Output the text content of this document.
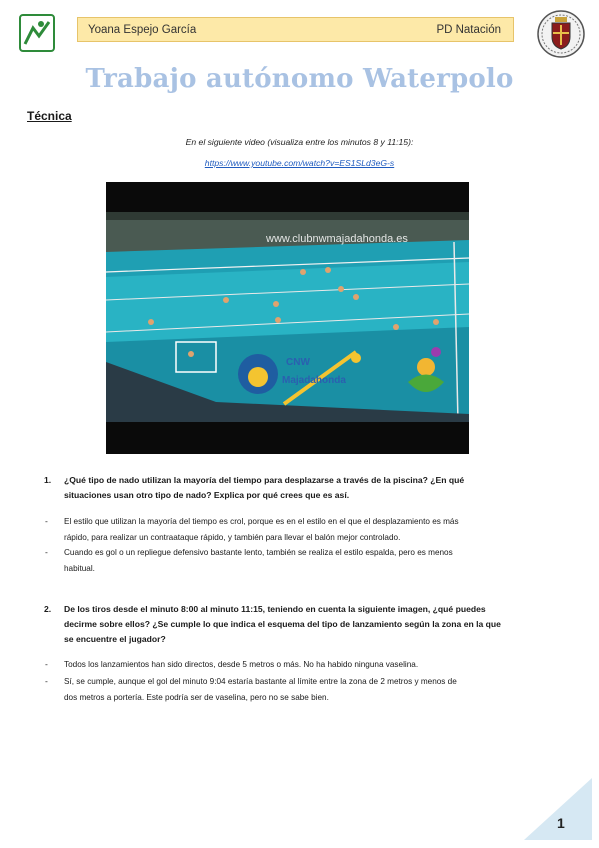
Yoana Espejo García	PD Natación
Trabajo autónomo Waterpolo
Técnica
En el siguiente video (visualiza entre los minutos 8 y 11:15):
https://www.youtube.com/watch?v=ES1SLd3eG-s
www.clubnwmajadahonda.es
CNW
Majadahonda
1. ¿Qué tipo de nado utilizan la mayoría del tiempo para desplazarse a través de la piscina? ¿En qué
situaciones usan otro tipo de nado? Explica por qué crees que es así.
- El estilo que utilizan la mayoría del tiempo es crol, porque es en el estilo en el que el desplazamiento es más
rápido, para realizar un contraataque rápido, y también para llevar el balón mejor controlado.
- Cuando es gol o un repliegue defensivo bastante lento, también se realiza el estilo espalda, pero es menos
habitual.
2. De los tiros desde el minuto 8:00 al minuto 11:15, teniendo en cuenta la siguiente imagen, ¿qué puedes
decirme sobre ellos? ¿Se cumple lo que indica el esquema del tipo de lanzamiento según la zona en la que
se encuentre el jugador?
- Todos los lanzamientos han sido directos, desde 5 metros o más. No ha habido ninguna vaselina.
- Sí, se cumple, aunque el gol del minuto 9:04 estaría bastante al límite entre la zona de 2 metros y menos de
dos metros a portería. Este podría ser de vaselina, pero no se sabe bien.
1
